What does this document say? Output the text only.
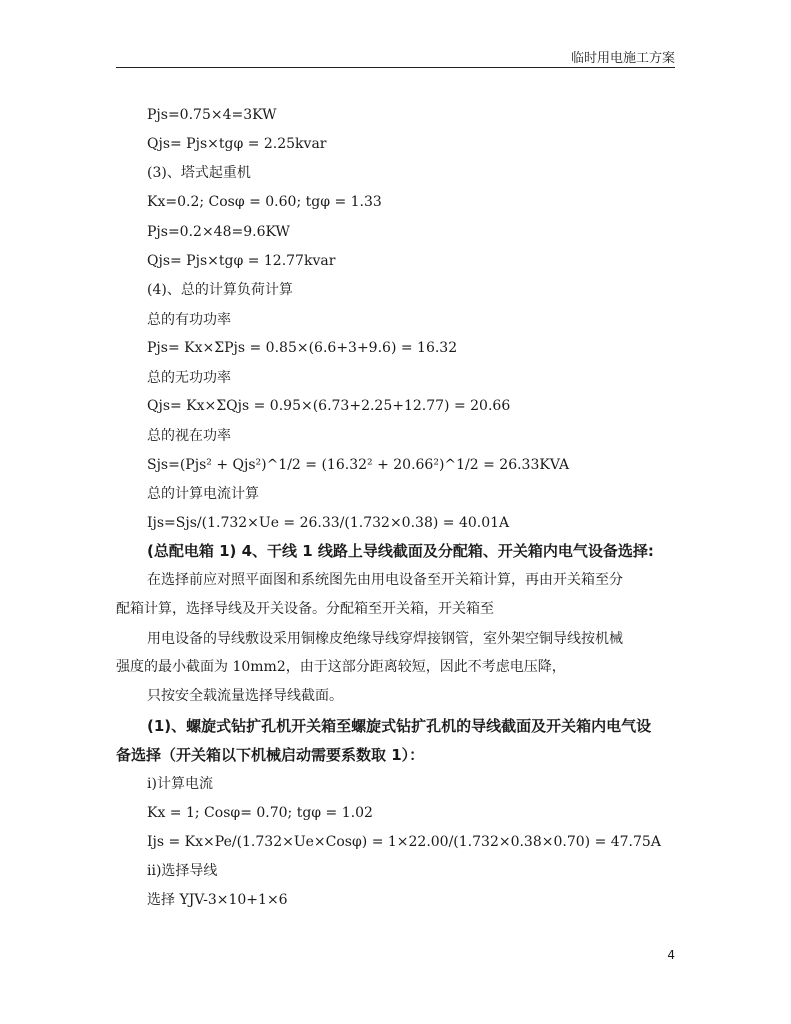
临时用电施工方案
Pjs=0.75×4=3KW
Qjs= Pjs×tgφ = 2.25kvar
(3)、塔式起重机
Kx=0.2; Cosφ = 0.60; tgφ = 1.33
Pjs=0.2×48=9.6KW
Qjs= Pjs×tgφ = 12.77kvar
(4)、总的计算负荷计算
总的有功功率
Pjs= Kx×ΣPjs = 0.85×(6.6+3+9.6) = 16.32
总的无功功率
Qjs= Kx×ΣQjs = 0.95×(6.73+2.25+12.77) = 20.66
总的视在功率
Sjs=(Pjs² + Qjs²)^1/2 = (16.32² + 20.66²)^1/2 = 26.33KVA
总的计算电流计算
Ijs=Sjs/(1.732×Ue = 26.33/(1.732×0.38) = 40.01A
(总配电箱 1) 4、干线 1 线路上导线截面及分配箱、开关箱内电气设备选择:
在选择前应对照平面图和系统图先由用电设备至开关箱计算，再由开关箱至分
配箱计算，选择导线及开关设备。分配箱至开关箱，开关箱至
用电设备的导线敷设采用铜橡皮绝缘导线穿焊接钢管，室外架空铜导线按机械
强度的最小截面为 10mm2，由于这部分距离较短，因此不考虑电压降，
只按安全载流量选择导线截面。
(1)、螺旋式钻扩孔机开关箱至螺旋式钻扩孔机的导线截面及开关箱内电气设
备选择（开关箱以下机械启动需要系数取 1）：
i)计算电流
Kx = 1; Cosφ= 0.70; tgφ = 1.02
Ijs = Kx×Pe/(1.732×Ue×Cosφ) = 1×22.00/(1.732×0.38×0.70) = 47.75A
ii)选择导线
选择 YJV-3×10+1×6
4
